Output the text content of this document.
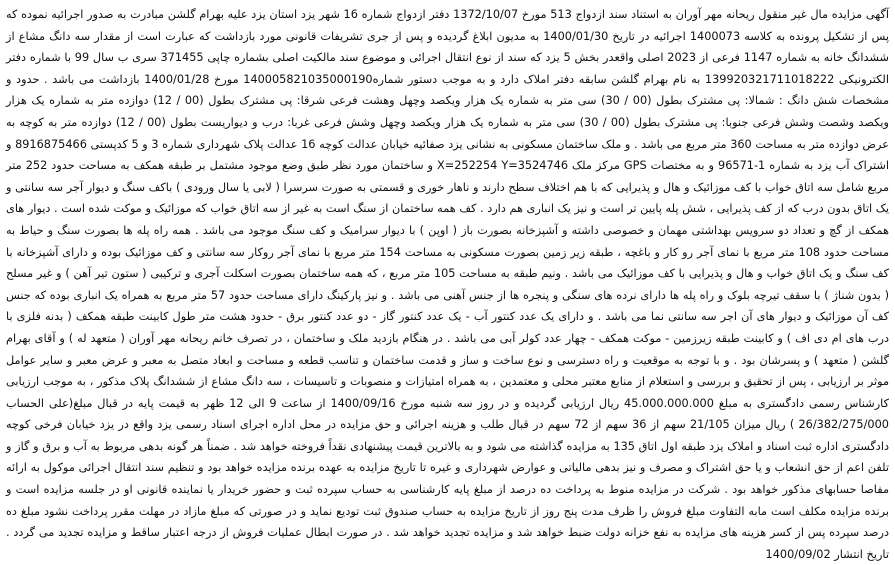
آگهی مزایده مال غیر منقول ریحانه مهر آوران به استناد سند ازدواج 513 مورخ 1372/10/07 دفتر ازدواج شماره 16 شهر یزد استان یزد علیه بهرام گلشن مبادرت به صدور اجرائیه نموده که پس از تشکیل پرونده به کلاسه 1400073 اجرائیه در تاریخ 1400/01/30 به مدیون ابلاغ گردیده و پس از جری تشریفات قانونی مورد بازداشت که عبارت است از مقدار سه دانگ مشاع از ششدانگ خانه به شماره 1147 فرعی از 2023 اصلی واقعدر بخش 5 یزد که سند از نوع انتقال اجرائی و موضوع سند مالکیت اصلی بشماره چاپی 371455 سری ب سال 99 با شماره دفتر الکترونیکی 139920321711018222 به نام بهرام گلشن سابقه دفتر املاک دارد و به موجب دستور شماره140005821035000190 مورخ 1400/01/28 بازداشت می باشد . حدود و مشخصات شش دانگ : شمالا: پی مشترک بطول (00 / 30) سی متر به شماره یک هزار ویکصد وچهل وهشت فرعی شرقا: پی مشترک بطول (00 / 12) دوازده متر به شماره یک هزار ویکصد وشصت وشش فرعی جنوبا: پی مشترک بطول (00 / 30) سی متر به شماره یک هزار ویکصد وچهل وشش فرعی غربا: درب و دیواریست بطول (00 / 12) دوازده متر به کوچه به عرض دوازده متر به مساحت 360 متر مربع می باشد . و ملک ساختمان مسکونی به نشانی یزد صفائیه خیابان عدالت کوچه 16 عدالت پلاک شهرداری شماره 3 و 5 کدپستی 8916875466 و اشتراک آب یزد به شماره 1-96571 و به مختصات GPS مرکز ملک X=252254 Y=3524746 و ساختمان مورد نظر طبق وضع موجود مشتمل بر طبقه همکف به مساحت حدود 252 متر مربع شامل سه اتاق خواب با کف موزائیک و هال و پذیرایی که با هم اختلاف سطح دارند و ناهار خوری و قسمتی به صورت سرسرا ( لابی یا سال ورودی ) باکف سنگ و دیوار آجر سه سانتی و یک اتاق بدون درب که از کف پذیرایی ، شش پله پایین تر است و نیز یک انباری هم دارد . کف همه ساختمان از سنگ است به غیر از سه اتاق خواب که موزائیک و موکت شده است . دیوار های همکف از گچ و تعداد دو سرویس بهداشتی مهمان و خصوصی داشته و آشپزخانه بصورت باز ( اوپن ) با دیوار سرامیک و کف سنگ موجود می باشد . همه راه پله ها بصورت سنگ و حیاط به مساحت حدود 108 متر مربع با نمای آجر رو کار و باغچه ، طبقه زیر زمین بصورت مسکونی به مساحت 154 متر مربع با نمای آجر روکار سه سانتی و کف موزائیک بوده و دارای آشپزخانه با کف سنگ و یک اتاق خواب و هال و پذیرایی با کف موزائیک می باشد . ونیم طبقه به مساحت 105 متر مربع ، که همه ساختمان بصورت اسکلت آجری و ترکیبی ( ستون تیر آهن ) و غیر مسلح ( بدون شناژ ) با سقف تیرچه بلوک و راه پله ها دارای نرده های سنگی و پنجره ها از جنس آهنی می باشد . و نیز پارکینگ دارای مساحت حدود 57 متر مربع به همراه یک انباری بوده که جنس کف آن موزائیک و دیوار های آن اجر سه سانتی نما می باشد . و دارای یک عدد کنتور آب - یک عدد کنتور گاز - دو عدد کنتور برق - حدود هشت متر طول کابینت طبقه همکف ( بدنه فلزی با درب های ام دی اف ) و کابینت طبقه زیرزمین - موکت همکف - چهار عدد کولر آبی می باشد . در هنگام بازدید ملک و ساختمان ، در تصرف خانم ریحانه مهر آوران ( متعهد له ) و آقای بهرام گلشن ( متعهد ) و پسرشان بود . و با توجه به موقعیت و راه دسترسی و نوع ساخت و ساز و قدمت ساختمان و تناسب قطعه و مساحت و ابعاد متصل به معبر و عرض معبر و سایر عوامل موثر بر ارزیابی ، پس از تحقیق و بررسی و استعلام از منابع معتبر محلی و معتمدین ، به همراه امتیازات و منصوبات و تاسیسات ، سه دانگ مشاع از ششدانگ پلاک مذکور ، به موجب ارزیابی کارشناس رسمی دادگستری به مبلغ 45.000.000.000 ریال ارزیابی گردیده و در روز سه شنبه مورخ 1400/09/16 از ساعت 9 الی 12 ظهر به قیمت پایه در قبال مبلغ(علی الحساب 26/382/275/000 ) ریال میزان 21/105 سهم از 36 سهم از 72 سهم در قبال طلب و هزینه اجرائی و حق مزایده در محل اداره اجرای اسناد رسمی یزد واقع در یزد خیابان فرخی کوچه دادگستری اداره ثبت اسناد و املاک یزد طبقه اول اتاق 135 به مزایده گذاشته می شود و به بالاترین قیمت پیشنهادی نقداً فروخته خواهد شد . ضمناً هر گونه بدهی مربوط به آب و برق و گاز و تلفن اعم از حق انشعاب و یا حق اشتراک و مصرف و نیز بدهی مالیاتی و عوارض شهرداری و غیره تا تاریخ مزایده به عهده برنده مزایده خواهد بود و تنظیم سند انتقال اجرائی موکول به ارائه مفاصا حسابهای مذکور خواهد بود . شرکت در مزایده منوط به پرداخت ده درصد از مبلغ پایه کارشناسی به حساب سپرده ثبت و حضور خریدار یا نماینده قانونی او در جلسه مزایده است و برنده مزایده مکلف است مابه التفاوت مبلغ فروش را ظرف مدت پنج روز از تاریخ مزایده به حساب صندوق ثبت تودیع نماید و در صورتی که مبلغ مازاد در مهلت مقرر پرداخت نشود مبلغ ده درصد سپرده پس از کسر هزینه های مزایده به نفع خزانه دولت ضبط خواهد شد و مزایده تجدید خواهد شد . در صورت ابطال عملیات فروش از درجه اعتبار ساقط و مزایده تجدید می گردد . تاریخ انتشار 1400/09/02
